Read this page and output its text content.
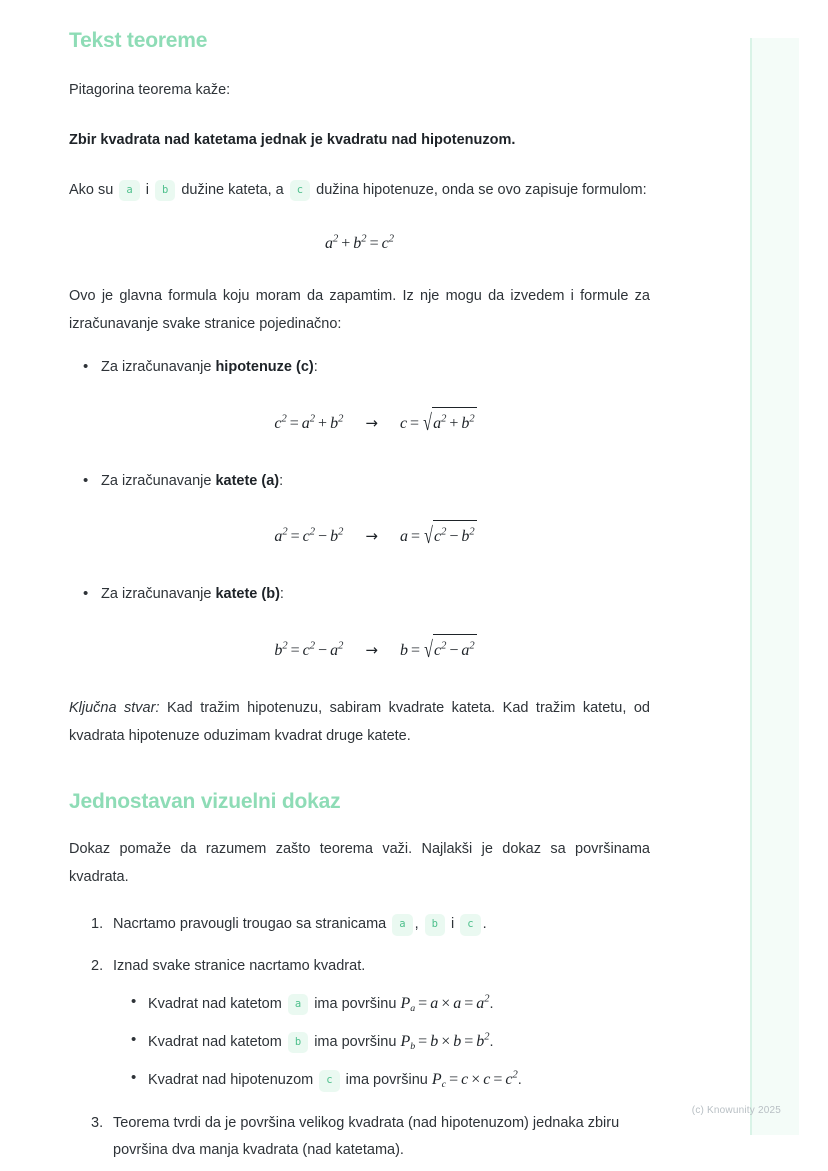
Tekst teoreme

Pitagorina teorema kaže:

Zbir kvadrata nad katetama jednak je kvadratu nad hipotenuzom.

Ako su a i b dužine kateta, a c dužina hipotenuze, onda se ovo zapisuje formulom:

$a^2 + b^2 = c^2$

Ovo je glavna formula koju moram da zapamtim. Iz nje mogu da izvedem i formule za izračunavanje svake stranice pojedinačno:

• Za izračunavanje hipotenuze (c):
$c^2 = a^2 + b^2 \to c = √a^2 + b^2$
• Za izračunavanje katete (a):
$a^2 = c^2 - b^2 \to a = √c^2 - b^2$
• Za izračunavanje katete (b):
$b^2 = c^2 - a^2 \to b = √c^2 - a^2$

Ključna stvar: Kad tražim hipotenuzu, sabiram kvadrate kateta. Kad tražim katetu, od kvadrata hipotenuze oduzimam kvadrat druge katete.

Jednostavan vizuelni dokaz

Dokaz pomaže da razumem zašto teorema važi. Najlakši je dokaz sa površinama kvadrata.

Nacrtamo pravougli trougao sa stranicama a , b i c .
Iznad svake stranice nacrtamo kvadrat.
• Kvadrat nad katetom a ima površinu $P_a = a \times a = a^2$.
• Kvadrat nad katetom b ima površinu $P_b = b \times b = b^2$.
• Kvadrat nad hipotenuzom c ima površinu $P_c = c \times c = c^2$.
Teorema tvrdi da je površina velikog kvadrata (nad hipotenuzom) jednaka zbiru površina dva manja kvadrata (nad katetama).
(c) Knowunity 2025
